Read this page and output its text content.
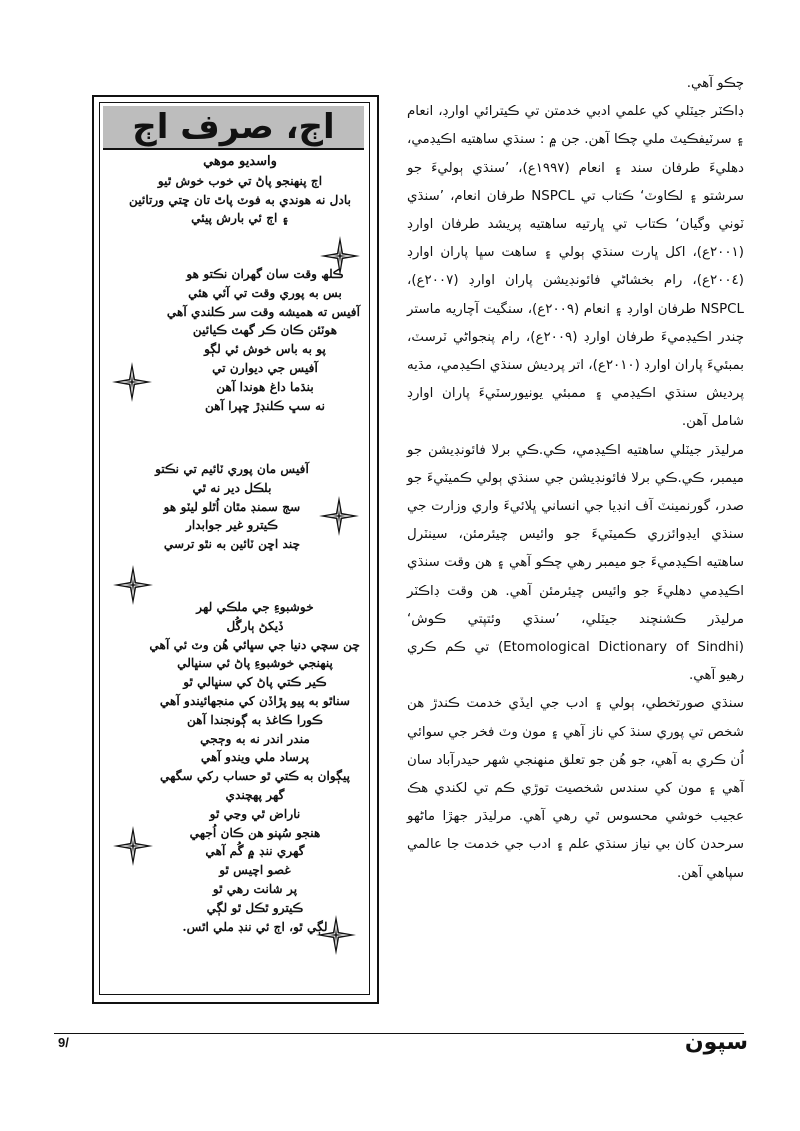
چڪو آهي.

ڊاڪٽر جيٽلي کي علمي ادبي خدمتن تي ڪيترائي اوارڊ، انعام ۽ سرٽيفڪيٽ ملي چڪا آهن. جن ۾ : سنڌي ساهتيه اڪيڊمي، دهليءَ طرفان سند ۽ انعام (١٩٩٧ع)، ’سنڌي ٻوليءَ جو سرشتو ۽ لڪاوٽ‘ ڪتاب تي NSPCL طرفان انعام، ’سنڌي ٽوني وگيان‘ ڪتاب تي ڀارتيه ساهتيه پريشد طرفان اوارڊ (٢٠٠١ع)، اکل ڀارت سنڌي ٻولي ۽ ساهت سڀا پاران اوارڊ (٢٠٠٤ع)، رام بخشاڻي فائونڊيشن پاران اوارڊ (٢٠٠٧ع)، NSPCL طرفان اوارڊ ۽ انعام (٢٠٠٩ع)، سنگيت آچاريه ماستر چندر اڪيڊميءَ طرفان اوارڊ (٢٠٠٩ع)، رام پنجواڻي ٽرسٽ، بمبئيءَ پاران اوارڊ (٢٠١٠ع)، اتر پرديش سنڌي اڪيڊمي، مڌيه پرديش سنڌي اڪيڊمي ۽ ممبئي يونيورسٽيءَ پاران اوارڊ شامل آهن.

مرليڌر جيٽلي ساهتيه اڪيڊمي، ڪي.ڪي برلا فائونڊيشن جو ميمبر، ڪي.ڪي برلا فائونڊيشن جي سنڌي ٻولي ڪميٽيءَ جو صدر، گورنمينٽ آف انڊيا جي انساني ڀلائيءَ واري وزارت جي سنڌي ايڊوائزري ڪميٽيءَ جو وائيس چيئرمئن، سينٽرل ساهتيه اڪيڊميءَ جو ميمبر رهي چڪو آهي ۽ هن وقت سنڌي اڪيڊمي دهليءَ جو وائيس چيئرمئن آهي. هن وقت ڊاڪٽر مرليڌر ڪشنچند جيٽلي، ’سنڌي وئتپتي ڪوش‘ (Etomological Dictionary of Sindhi) تي ڪم ڪري رهيو آهي.

سنڌي صورتخطي، ٻولي ۽ ادب جي ايڏي خدمت ڪندڙ هن شخص تي پوري سنڌ کي ناز آهي ۽ مون وٽ فخر جي سوائي اُن ڪري به آهي، جو هُن جو تعلق منهنجي شهر حيدرآباد سان آهي ۽ مون کي سندس شخصيت توڙي ڪم تي لکندي هڪ عجيب خوشي محسوس ٿي رهي آهي. مرليڌر جهڙا ماڻهو سرحدن کان بي نياز سنڌي علم ۽ ادب جي خدمت جا عالمي سپاهي آهن.

اڄ، صرف اڄ
واسديو موهي
اڄ پنهنجو پاڻ تي خوب خوش ٿيو
بادل نه هوندي به فوٽ پاٿ تان ڇتي ورتائين
۽ اڄ ئي بارش پيئي
ڪلھ وقت سان گهران نڪتو هو
بس به پوري وقت تي آئي هئي
آفيس ته هميشه وقت سر ڪلندي آهي
هوٽئن ڪان ڪر گهٽ ڪيائين
پو به باس خوش ئي لڳو
آفيس جي ديوارن تي
بنڌما داغ هوندا آهن
نه سڀ ڪلنڊڙ ڇپرا آهن
آفيس مان پوري ٽائيم تي نڪتو
بلڪل دير نه ٿي
سڄ سمنڊ مٿان اُٿلو ليٽو هو
ڪيترو غير جوابدار
چند اڇن ٽائين به نٿو ترسي
خوشبوءِ جي ملڪي لهر
ڏيکڻ ٻارگُل
چن سچي دنيا جي سڀائي هُن وٽ ئي آهي
پنهنجي خوشبوءِ پاڻ ئي سنڀالي
ڪير ڪتي پاڻ کي سنڀالي ٿو
سناٿو به پيو پڙاڏن کي منجهائيندو آهي
ڪورا ڪاغذ به ڳونجندا آهن
مندر اندر نه به وڄجي
پرساد ملي ويندو آهي
پيڳوان به ڪتي ٿو حساب رکي سگهي
گهر پهچندي
ناراض ٿي وڃي ٿو
هنجو سُپنو هن ڪان اُجهي
گهري ننڊ ۾ گُم آهي
غصو اچيس ٿو
پر شانت رهي ٿو
ڪيترو ٿڪل ٿو لڳي
لڳي ٿو، اڄ ئي ننڊ ملي اٿس.
9/	سپون
